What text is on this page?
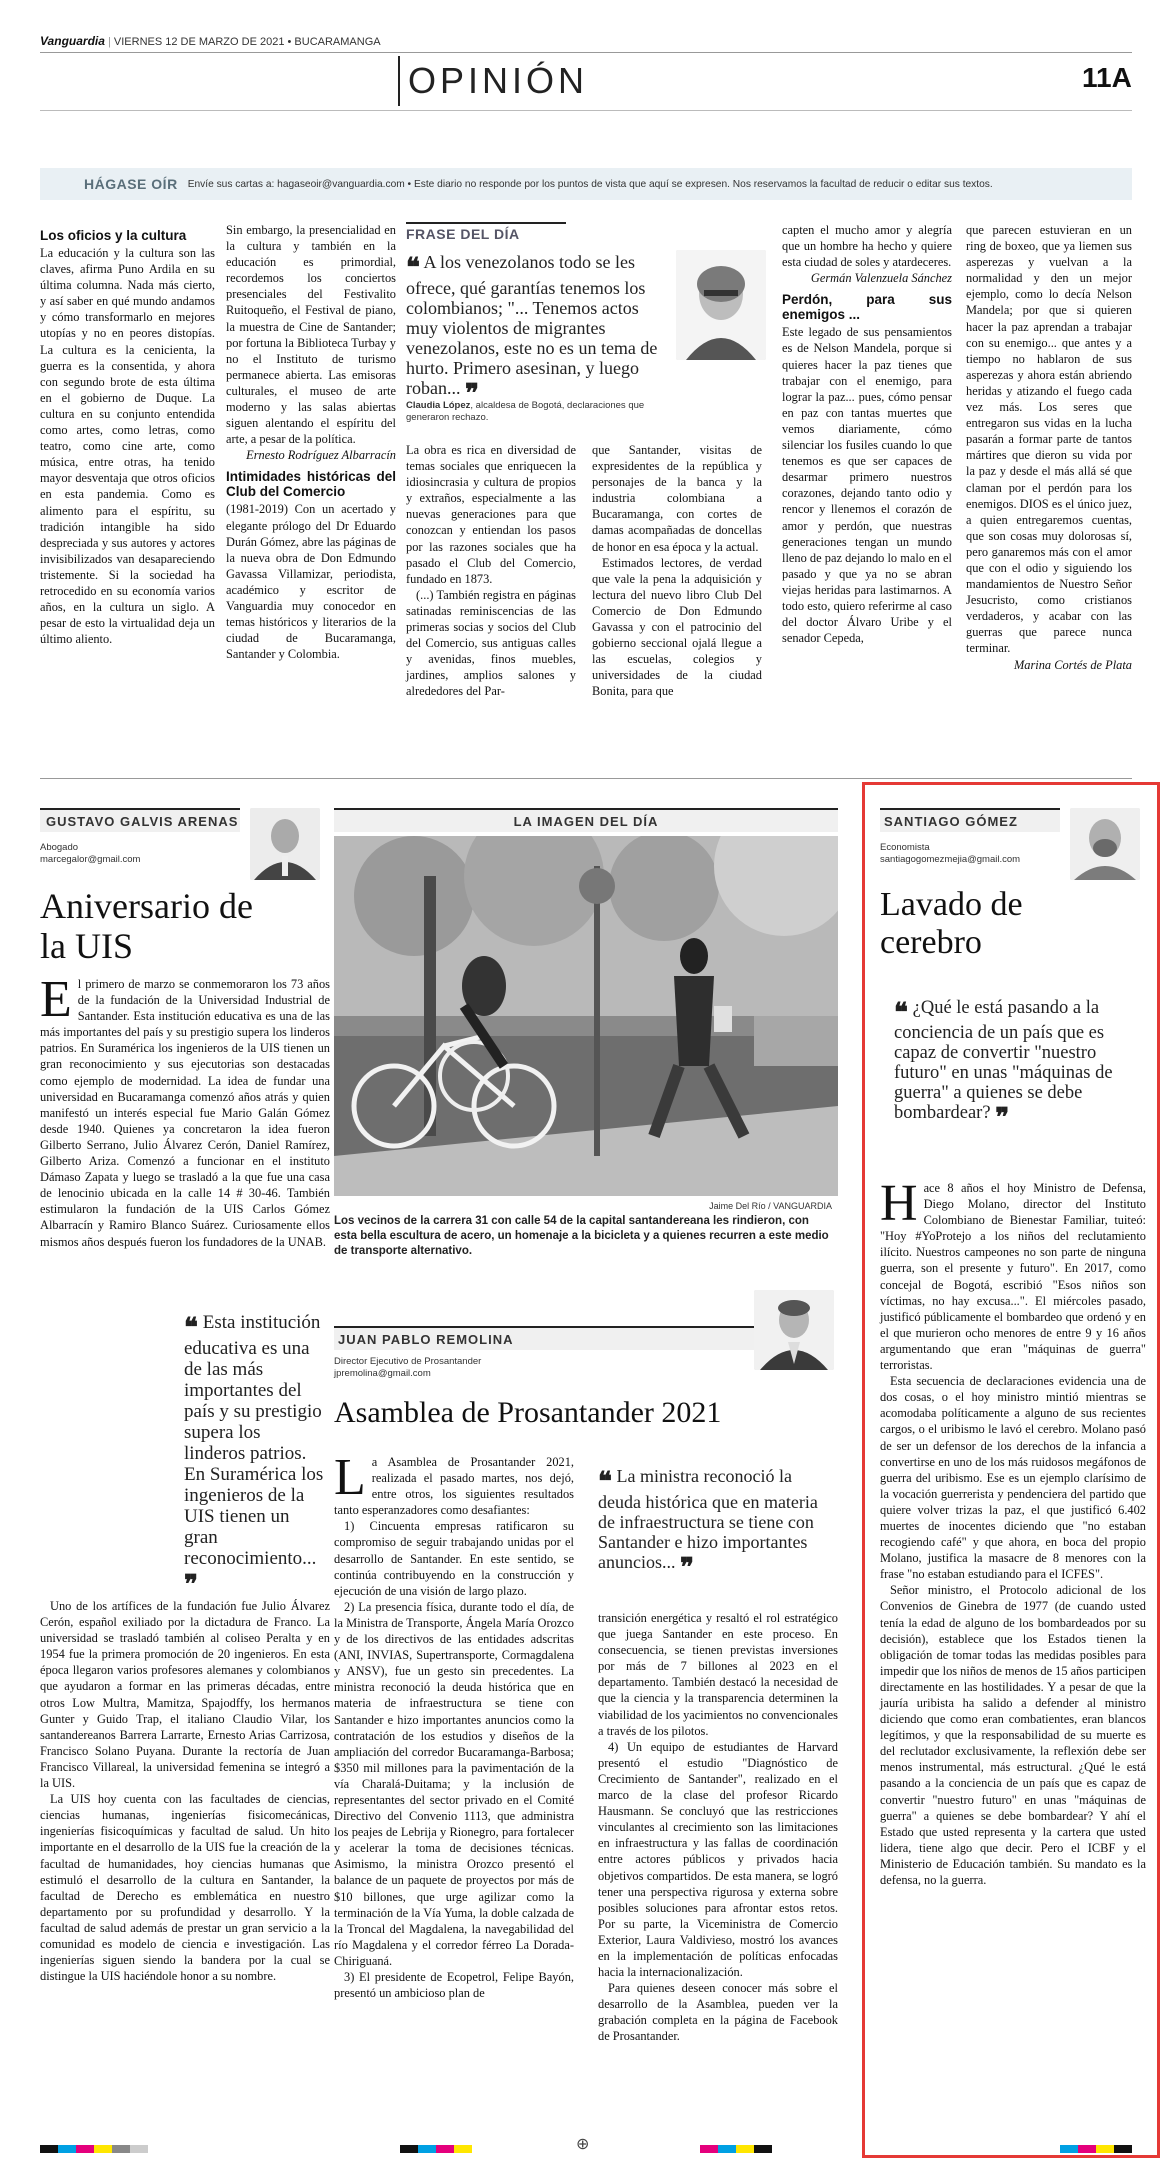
Vanguardia | VIERNES 12 DE MARZO DE 2021 • BUCARAMANGA
OPINIÓN	11A
HÁGASE OÍR Envíe sus cartas a: hagaseoir@vanguardia.com • Este diario no responde por los puntos de vista que aquí se expresen. Nos reservamos la facultad de reducir o editar sus textos.
Los oficios y la cultura

La educación y la cultura son las claves, afirma Puno Ardila en su última columna. Nada más cierto, y así saber en qué mundo andamos y cómo transformarlo en mejores utopías y no en peores distopías. La cultura es la cenicienta, la guerra es la consentida, y ahora con segundo brote de esta última en el gobierno de Duque. La cultura en su conjunto entendida como artes, como letras, como teatro, como cine arte, como música, entre otras, ha tenido mayor desventaja que otros oficios en esta pandemia. Como es alimento para el espíritu, su tradición intangible ha sido despreciada y sus autores y actores invisibilizados van desapareciendo tristemente. Si la sociedad ha retrocedido en su economía varios años, en la cultura un siglo. A pesar de esto la virtualidad deja un último aliento.

Sin embargo, la presencialidad en la cultura y también en la educación es primordial, recordemos los conciertos presenciales del Festivalito Ruitoqueño, el Festival de piano, la muestra de Cine de Santander; por fortuna la Biblioteca Turbay y no el Instituto de turismo permanece abierta. Las emisoras culturales, el museo de arte moderno y las salas abiertas siguen alentando el espíritu del arte, a pesar de la política.

Ernesto Rodríguez Albarracín

Intimidades históricas del Club del Comercio

(1981-2019) Con un acertado y elegante prólogo del Dr Eduardo Durán Gómez, abre las páginas de la nueva obra de Don Edmundo Gavassa Villamizar, periodista, académico y escritor de Vanguardia muy conocedor en temas históricos y literarios de la ciudad de Bucaramanga, Santander y Colombia.

FRASE DEL DÍA
❝ A los venezolanos todo se les ofrece, qué garantías tenemos los colombianos; "... Tenemos actos muy violentos de migrantes venezolanos, este no es un tema de hurto. Primero asesinan, y luego roban... ❞
Claudia López, alcaldesa de Bogotá, declaraciones que generaron rechazo.

La obra es rica en diversidad de temas sociales que enriquecen la idiosincrasia y cultura de propios y extraños, especialmente a las nuevas generaciones para que conozcan y entiendan los pasos por las razones sociales que ha pasado el Club del Comercio, fundado en 1873.

(...) También registra en páginas satinadas reminiscencias de las primeras socias y socios del Club del Comercio, sus antiguas calles y avenidas, finos muebles, jardines, amplios salones y alrededores del Par-

que Santander, visitas de expresidentes de la república y personajes de la banca y la industria colombiana a Bucaramanga, con cortes de damas acompañadas de doncellas de honor en esa época y la actual.

Estimados lectores, de verdad que vale la pena la adquisición y lectura del nuevo libro Club Del Comercio de Don Edmundo Gavassa y con el patrocinio del gobierno seccional ojalá llegue a las escuelas, colegios y universidades de la ciudad Bonita, para que

capten el mucho amor y alegría que un hombre ha hecho y quiere esta ciudad de soles y atardeceres.

Germán Valenzuela Sánchez

Perdón, para sus enemigos ...

Este legado de sus pensamientos es de Nelson Mandela, porque si quieres hacer la paz tienes que trabajar con el enemigo, para lograr la paz... pues, cómo pensar en paz con tantas muertes que vemos diariamente, cómo silenciar los fusiles cuando lo que tenemos es que ser capaces de desarmar primero nuestros corazones, dejando tanto odio y rencor y llenemos el corazón de amor y perdón, que nuestras generaciones tengan un mundo lleno de paz dejando lo malo en el pasado y que ya no se abran viejas heridas para lastimarnos. A todo esto, quiero referirme al caso del doctor Álvaro Uribe y el senador Cepeda,

que parecen estuvieran en un ring de boxeo, que ya liemen sus asperezas y vuelvan a la normalidad y den un mejor ejemplo, como lo decía Nelson Mandela; por que si quieren hacer la paz aprendan a trabajar con su enemigo... que antes y a tiempo no hablaron de sus asperezas y ahora están abriendo heridas y atizando el fuego cada vez más. Los seres que entregaron sus vidas en la lucha pasarán a formar parte de tantos mártires que dieron su vida por la paz y desde el más allá sé que claman por el perdón para los enemigos. DIOS es el único juez, a quien entregaremos cuentas, que son cosas muy dolorosas sí, pero ganaremos más con el amor que con el odio y siguiendo los mandamientos de Nuestro Señor Jesucristo, como cristianos verdaderos, y acabar con las guerras que parece nunca terminar.

Marina Cortés de Plata

GUSTAVO GALVIS ARENAS
Abogado
marcegalor@gmail.com
Aniversario de la UIS

El primero de marzo se conmemoraron los 73 años de la fundación de la Universidad Industrial de Santander. Esta institución educativa es una de las más importantes del país y su prestigio supera los linderos patrios. En Suramérica los ingenieros de la UIS tienen un gran reconocimiento y sus ejecutorias son destacadas como ejemplo de modernidad. La idea de fundar una universidad en Bucaramanga comenzó años atrás y quien manifestó un interés especial fue Mario Galán Gómez desde 1940. Quienes ya concretaron la idea fueron Gilberto Serrano, Julio Álvarez Cerón, Daniel Ramírez, Gilberto Ariza. Comenzó a funcionar en el instituto Dámaso Zapata y luego se trasladó a la que fue una casa de lenocinio ubicada en la calle 14 # 30-46. También estimularon la fundación de la UIS Carlos Gómez Albarracín y Ramiro Blanco Suárez. Curiosamente ellos mismos años después fueron los fundadores de la UNAB.

❝ Esta institución educativa es una de las más importantes del país y su prestigio supera los linderos patrios. En Suramérica los ingenieros de la UIS tienen un gran reconocimiento... ❞

Uno de los artífices de la fundación fue Julio Álvarez Cerón, español exiliado por la dictadura de Franco. La universidad se trasladó también al coliseo Peralta y en 1954 fue la primera promoción de 20 ingenieros. En esta época llegaron varios profesores alemanes y colombianos que ayudaron a formar en las primeras décadas, entre otros Low Multra, Mamitza, Spajodffy, los hermanos Gunter y Guido Trap, el italiano Claudio Vilar, los santandereanos Barrera Larrarte, Ernesto Arias Carrizosa, Francisco Solano Puyana. Durante la rectoría de Juan Francisco Villareal, la universidad femenina se integró a la UIS.

La UIS hoy cuenta con las facultades de ciencias, ciencias humanas, ingenierías fisicomecánicas, ingenierías fisicoquímicas y facultad de salud. Un hito importante en el desarrollo de la UIS fue la creación de la facultad de humanidades, hoy ciencias humanas que estimuló el desarrollo de la cultura en Santander, la facultad de Derecho es emblemática en nuestro departamento por su profundidad y desarrollo. Y la facultad de salud además de prestar un gran servicio a la comunidad es modelo de ciencia e investigación. Las ingenierías siguen siendo la bandera por la cual se distingue la UIS haciéndole honor a su nombre.

LA IMAGEN DEL DÍA
Jaime Del Río / VANGUARDIA
Los vecinos de la carrera 31 con calle 54 de la capital santandereana les rindieron, con esta bella escultura de acero, un homenaje a la bicicleta y a quienes recurren a este medio de transporte alternativo.
JUAN PABLO REMOLINA
Director Ejecutivo de Prosantander
jpremolina@gmail.com
Asamblea de Prosantander 2021

La Asamblea de Prosantander 2021, realizada el pasado martes, nos dejó, entre otros, los siguientes resultados tanto esperanzadores como desafiantes:

1) Cincuenta empresas ratificaron su compromiso de seguir trabajando unidas por el desarrollo de Santander. En este sentido, se continúa contribuyendo en la construcción y ejecución de una visión de largo plazo.

2) La presencia física, durante todo el día, de la Ministra de Transporte, Ángela María Orozco y de los directivos de las entidades adscritas (ANI, INVIAS, Supertransporte, Cormagdalena y ANSV), fue un gesto sin precedentes. La ministra reconoció la deuda histórica que en materia de infraestructura se tiene con Santander e hizo importantes anuncios como la contratación de los estudios y diseños de la ampliación del corredor Bucaramanga-Barbosa; $350 mil millones para la pavimentación de la vía Charalá-Duitama; y la inclusión de representantes del sector privado en el Comité Directivo del Convenio 1113, que administra los peajes de Lebrija y Rionegro, para fortalecer y acelerar la toma de decisiones técnicas. Asimismo, la ministra Orozco presentó el balance de un paquete de proyectos por más de $10 billones, que urge agilizar como la terminación de la Vía Yuma, la doble calzada de la Troncal del Magdalena, la navegabilidad del río Magdalena y el corredor férreo La Dorada-Chiriguaná.

3) El presidente de Ecopetrol, Felipe Bayón, presentó un ambicioso plan de

❝ La ministra reconoció la deuda histórica que en materia de infraestructura se tiene con Santander e hizo importantes anuncios... ❞

transición energética y resaltó el rol estratégico que juega Santander en este proceso. En consecuencia, se tienen previstas inversiones por más de 7 billones al 2023 en el departamento. También destacó la necesidad de que la ciencia y la transparencia determinen la viabilidad de los yacimientos no convencionales a través de los pilotos.

4) Un equipo de estudiantes de Harvard presentó el estudio "Diagnóstico de Crecimiento de Santander", realizado en el marco de la clase del profesor Ricardo Hausmann. Se concluyó que las restricciones vinculantes al crecimiento son las limitaciones en infraestructura y las fallas de coordinación entre actores públicos y privados hacia objetivos compartidos. De esta manera, se logró tener una perspectiva rigurosa y externa sobre posibles soluciones para afrontar estos retos. Por su parte, la Viceministra de Comercio Exterior, Laura Valdivieso, mostró los avances en la implementación de políticas enfocadas hacia la internacionalización.

Para quienes deseen conocer más sobre el desarrollo de la Asamblea, pueden ver la grabación completa en la página de Facebook de Prosantander.

SANTIAGO GÓMEZ
Economista
santiagogomezmejia@gmail.com
Lavado de cerebro
❝ ¿Qué le está pasando a la conciencia de un país que es capaz de convertir "nuestro futuro" en unas "máquinas de guerra" a quienes se debe bombardear? ❞

Hace 8 años el hoy Ministro de Defensa, Diego Molano, director del Instituto Colombiano de Bienestar Familiar, tuiteó: "Hoy #YoProtejo a los niños del reclutamiento ilícito. Nuestros campeones no son parte de ninguna guerra, son el presente y futuro". En 2017, como concejal de Bogotá, escribió "Esos niños son víctimas, no hay excusa...". El miércoles pasado, justificó públicamente el bombardeo que ordenó y en el que murieron ocho menores de entre 9 y 16 años argumentando que eran "máquinas de guerra" terroristas.

Esta secuencia de declaraciones evidencia una de dos cosas, o el hoy ministro mintió mientras se acomodaba políticamente a alguno de sus recientes cargos, o el uribismo le lavó el cerebro. Molano pasó de ser un defensor de los derechos de la infancia a convertirse en uno de los más ruidosos megáfonos de guerra del uribismo. Ese es un ejemplo clarísimo de la vocación guerrerista y pendenciera del partido que quiere volver trizas la paz, el que justificó 6.402 muertes de inocentes diciendo que "no estaban recogiendo café" y que ahora, en boca del propio Molano, justifica la masacre de 8 menores con la frase "no estaban estudiando para el ICFES".

Señor ministro, el Protocolo adicional de los Convenios de Ginebra de 1977 (de cuando usted tenía la edad de alguno de los bombardeados por su decisión), establece que los Estados tienen la obligación de tomar todas las medidas posibles para impedir que los niños de menos de 15 años participen directamente en las hostilidades. Y a pesar de que la jauría uribista ha salido a defender al ministro diciendo que como eran combatientes, eran blancos legítimos, y que la responsabilidad de su muerte es del reclutador exclusivamente, la reflexión debe ser menos instrumental, más estructural. ¿Qué le está pasando a la conciencia de un país que es capaz de convertir "nuestro futuro" en unas "máquinas de guerra" a quienes se debe bombardear? Y ahí el Estado que usted representa y la cartera que usted lidera, tiene algo que decir. Pero el ICBF y el Ministerio de Educación también. Su mandato es la defensa, no la guerra.

⊕
